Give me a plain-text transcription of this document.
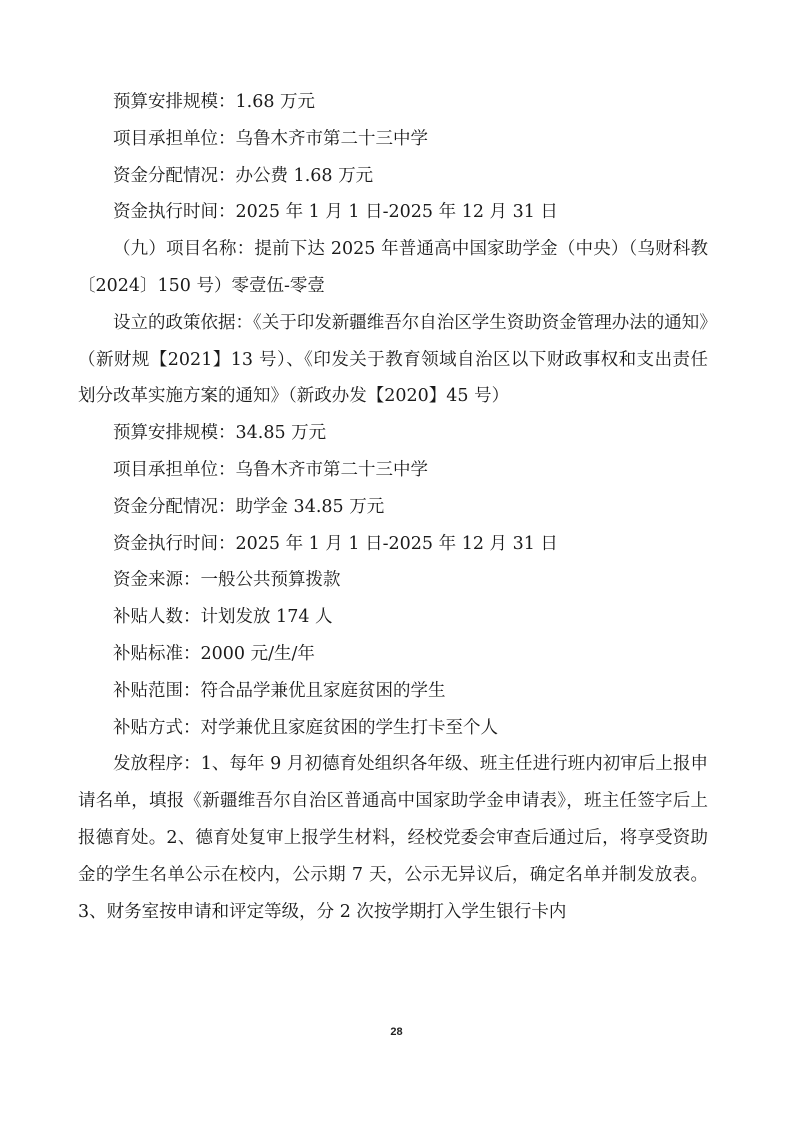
预算安排规模：1.68 万元

项目承担单位：乌鲁木齐市第二十三中学

资金分配情况：办公费 1.68 万元

资金执行时间：2025 年 1 月 1 日-2025 年 12 月 31 日

（九）项目名称：提前下达 2025 年普通高中国家助学金（中央）（乌财科教〔2024〕150 号）零壹伍-零壹

设立的政策依据：《关于印发新疆维吾尔自治区学生资助资金管理办法的通知》（新财规【2021】13 号）、《印发关于教育领域自治区以下财政事权和支出责任划分改革实施方案的通知》（新政办发【2020】45 号）

预算安排规模：34.85 万元

项目承担单位：乌鲁木齐市第二十三中学

资金分配情况：助学金 34.85 万元

资金执行时间：2025 年 1 月 1 日-2025 年 12 月 31 日

资金来源：一般公共预算拨款

补贴人数：计划发放 174 人

补贴标准：2000 元/生/年

补贴范围：符合品学兼优且家庭贫困的学生

补贴方式：对学兼优且家庭贫困的学生打卡至个人

发放程序：1、每年 9 月初德育处组织各年级、班主任进行班内初审后上报申请名单，填报《新疆维吾尔自治区普通高中国家助学金申请表》，班主任签字后上报德育处。2、德育处复审上报学生材料，经校党委会审查后通过后，将享受资助金的学生名单公示在校内，公示期 7 天，公示无异议后，确定名单并制发放表。3、财务室按申请和评定等级，分 2 次按学期打入学生银行卡内

28
